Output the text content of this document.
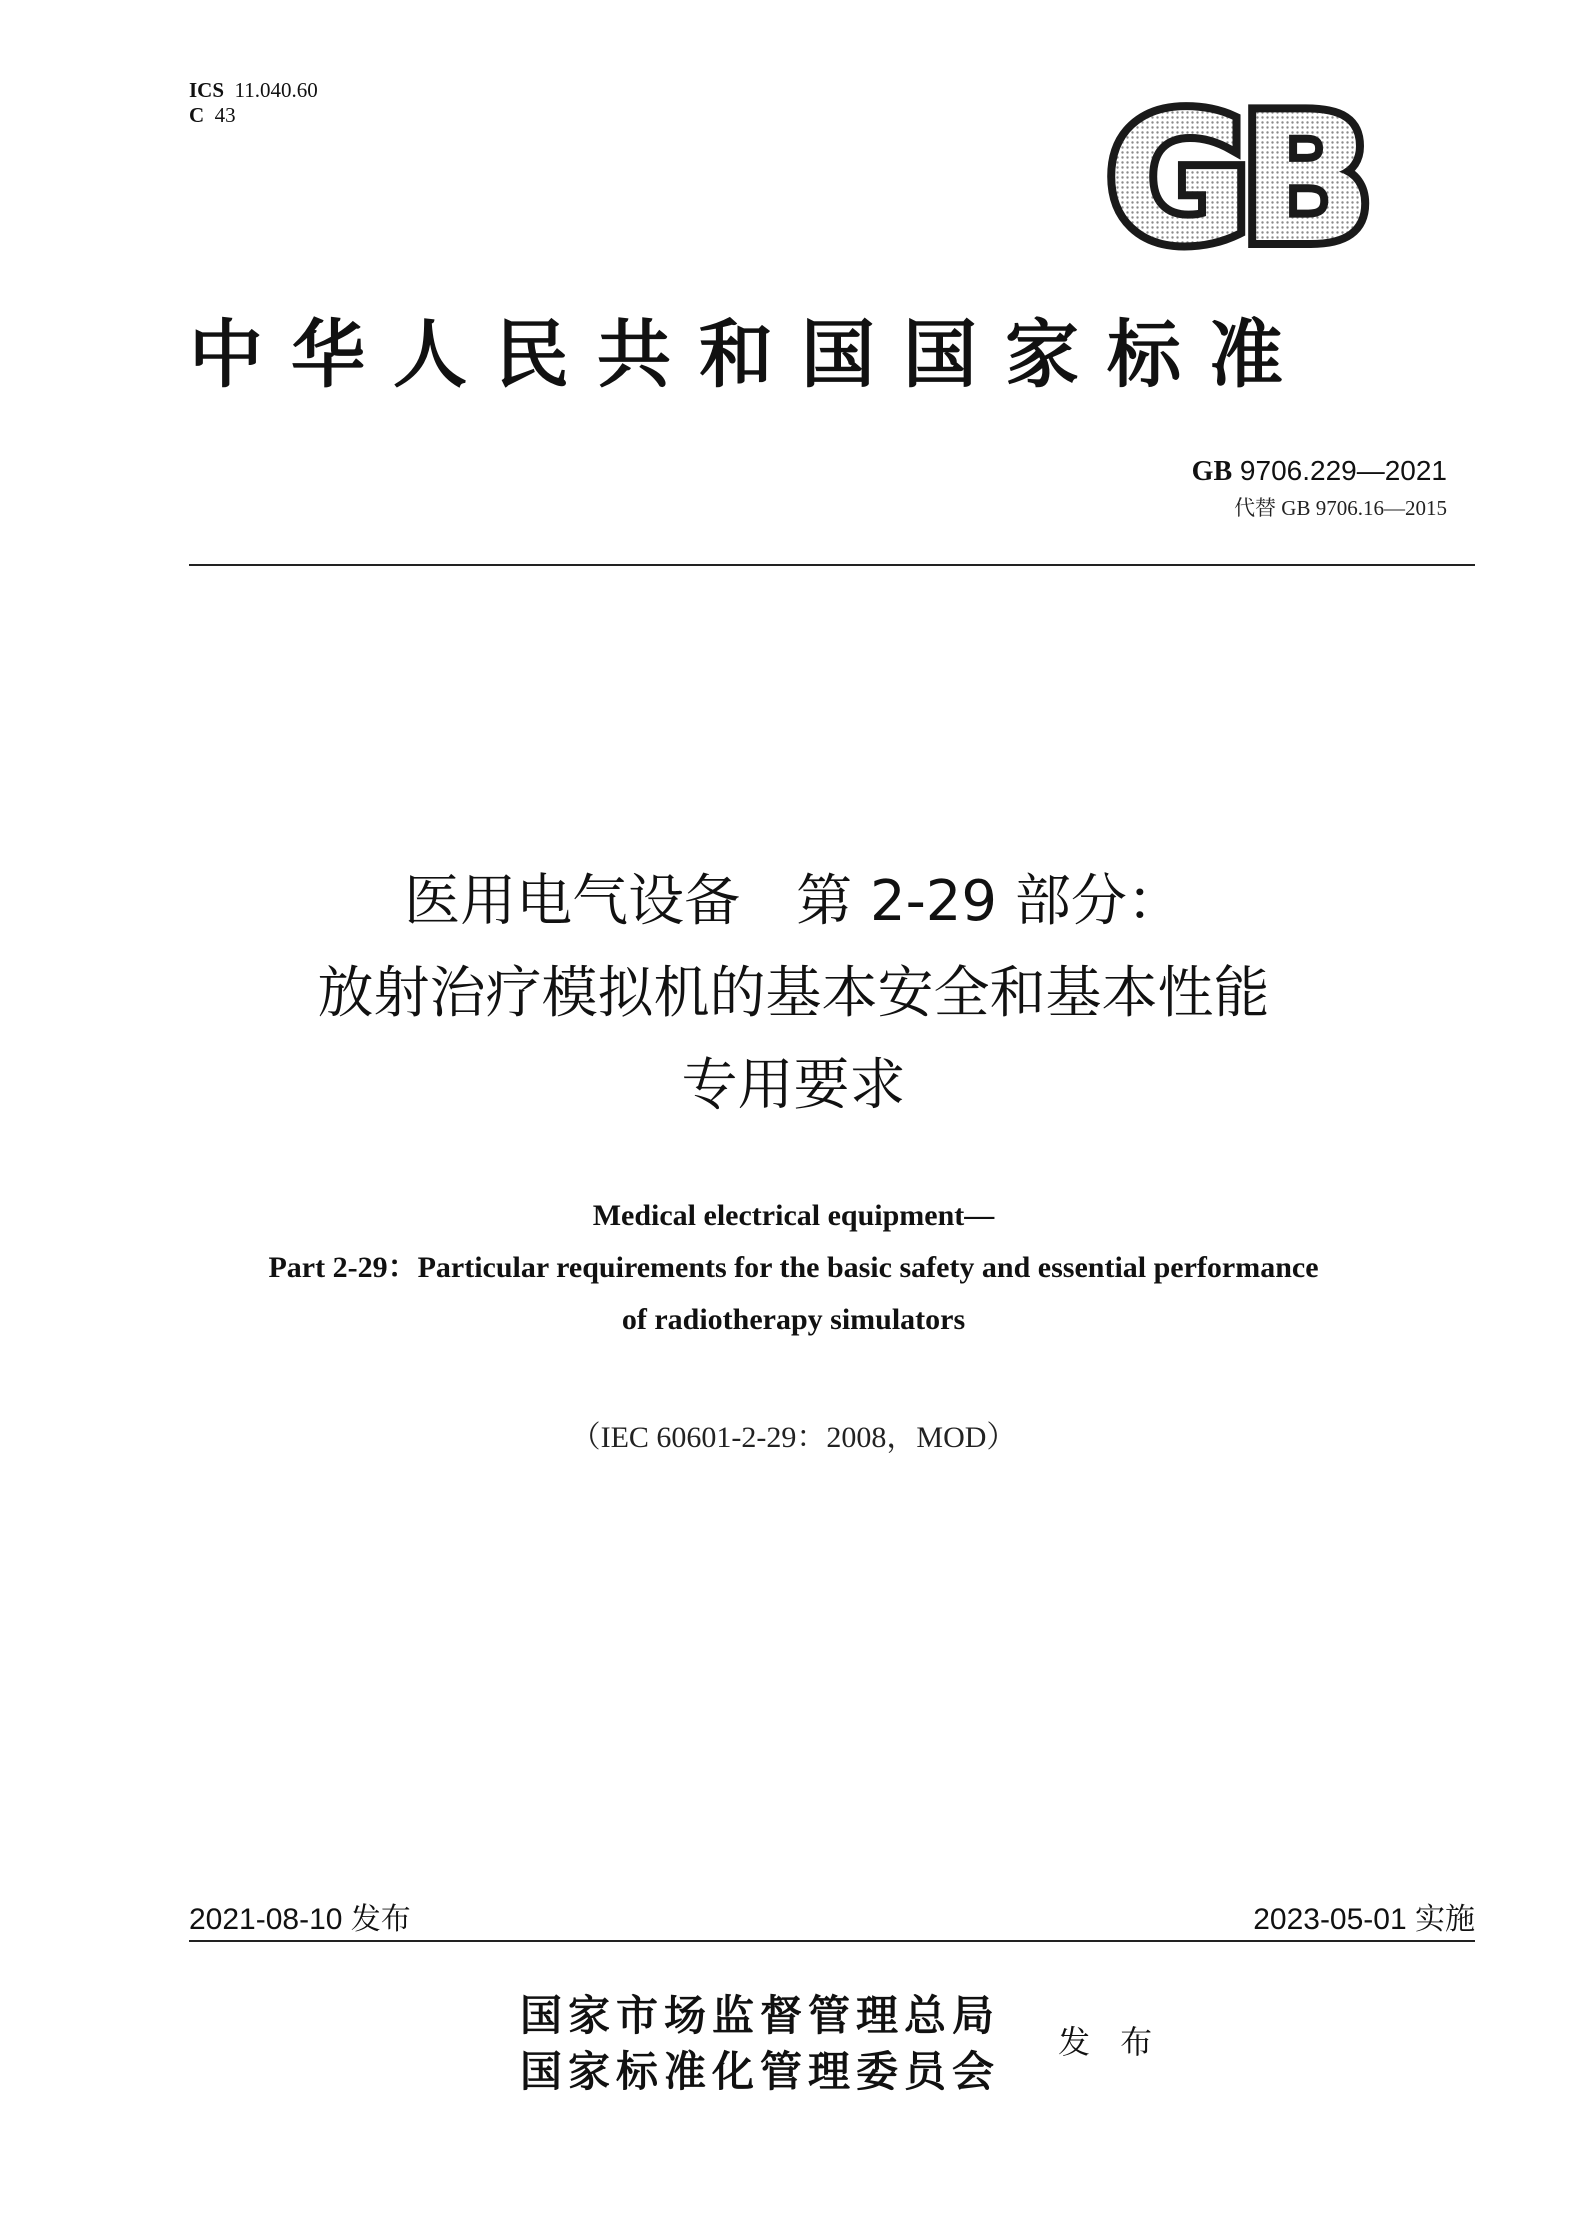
ICS 11.040.60
C 43	GB
中华人民共和国国家标准
GB 9706.229—2021
代替 GB 9706.16—2015
医用电气设备　第 2-29 部分：
放射治疗模拟机的基本安全和基本性能
专用要求
Medical electrical equipment—
Part 2-29：Particular requirements for the basic safety and essential performance
of radiotherapy simulators
（IEC 60601-2-29：2008，MOD）
2021-08-10 发布	2023-05-01 实施
国家市场监督管理总局
国家标准化管理委员会
发 布
